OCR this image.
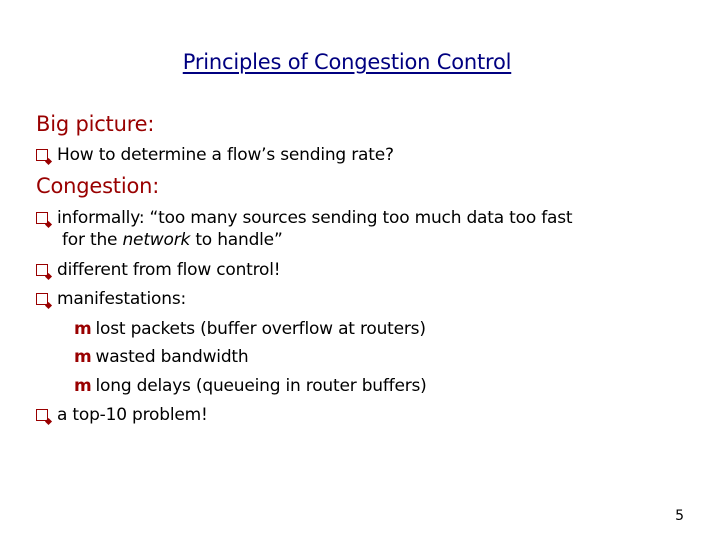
Principles of Congestion Control
Big picture:
How to determine a flow’s sending rate?
Congestion:
informally: “too many sources sending too much data too fast
for the network to handle”
different from flow control!
manifestations:
m lost packets (buffer overflow at routers)
m wasted bandwidth
m long delays (queueing in router buffers)
a top-10 problem!
5
